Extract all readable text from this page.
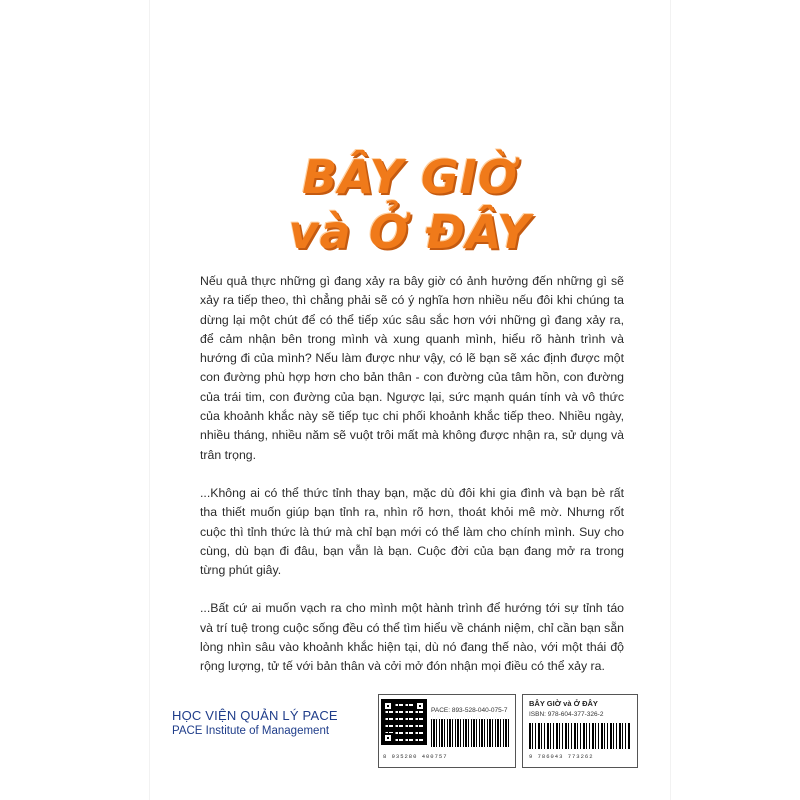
BÂY GIỜ
và Ở ĐÂY

Nếu quả thực những gì đang xảy ra bây giờ có ảnh hưởng đến những gì sẽ xảy ra tiếp theo, thì chẳng phải sẽ có ý nghĩa hơn nhiều nếu đôi khi chúng ta dừng lại một chút để có thể tiếp xúc sâu sắc hơn với những gì đang xảy ra, để cảm nhận bên trong mình và xung quanh mình, hiểu rõ hành trình và hướng đi của mình? Nếu làm được như vậy, có lẽ bạn sẽ xác định được một con đường phù hợp hơn cho bản thân - con đường của tâm hồn, con đường của trái tim, con đường của bạn. Ngược lại, sức mạnh quán tính và vô thức của khoảnh khắc này sẽ tiếp tục chi phối khoảnh khắc tiếp theo. Nhiều ngày, nhiều tháng, nhiều năm sẽ vuột trôi mất mà không được nhận ra, sử dụng và trân trọng.

...Không ai có thể thức tỉnh thay bạn, mặc dù đôi khi gia đình và bạn bè rất tha thiết muốn giúp bạn tỉnh ra, nhìn rõ hơn, thoát khỏi mê mờ. Nhưng rốt cuộc thì tỉnh thức là thứ mà chỉ bạn mới có thể làm cho chính mình. Suy cho cùng, dù bạn đi đâu, bạn vẫn là bạn. Cuộc đời của bạn đang mở ra trong từng phút giây.

...Bất cứ ai muốn vạch ra cho mình một hành trình để hướng tới sự tỉnh táo và trí tuệ trong cuộc sống đều có thể tìm hiểu về chánh niệm, chỉ cần bạn sẵn lòng nhìn sâu vào khoảnh khắc hiện tại, dù nó đang thế nào, với một thái độ rộng lượng, tử tế với bản thân và cởi mở đón nhận mọi điều có thể xảy ra.

HỌC VIỆN QUẢN LÝ PACE
PACE Institute of Management
PACE: 893-528-040-075-7
8 935280 400757
BÂY GIỜ và Ở ĐÂY
ISBN: 978-604-377-326-2
9 786043 773262
